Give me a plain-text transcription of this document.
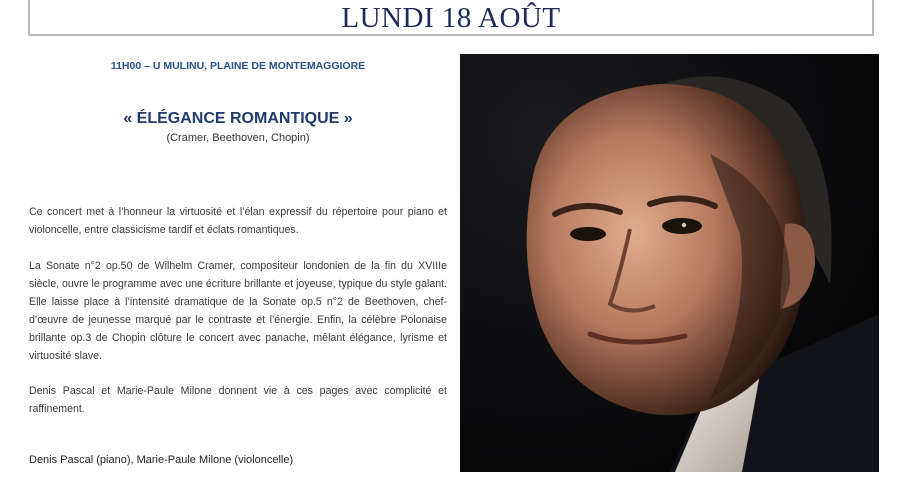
LUNDI 18 AOÛT
11H00 – U MULINU, PLAINE DE MONTEMAGGIORE
« ÉLÉGANCE ROMANTIQUE »
(Cramer, Beethoven, Chopin)
Ce concert met à l’honneur la virtuosité et l’élan expressif du répertoire pour piano et violoncelle, entre classicisme tardif et éclats romantiques.
La Sonate n°2 op.50 de Wilhelm Cramer, compositeur londonien de la fin du XVIIIe siècle, ouvre le programme avec une écriture brillante et joyeuse, typique du style galant. Elle laisse place à l’intensité dramatique de la Sonate op.5 n°2 de Beethoven, chef-d’œuvre de jeunesse marqué par le contraste et l’énergie. Enfin, la célèbre Polonaise brillante op.3 de Chopin clôture le concert avec panache, mêlant élégance, lyrisme et virtuosité slave.
Denis Pascal et Marie-Paule Milone donnent vie à ces pages avec complicité et raffinement.
Denis Pascal (piano), Marie-Paule Milone (violoncelle)
